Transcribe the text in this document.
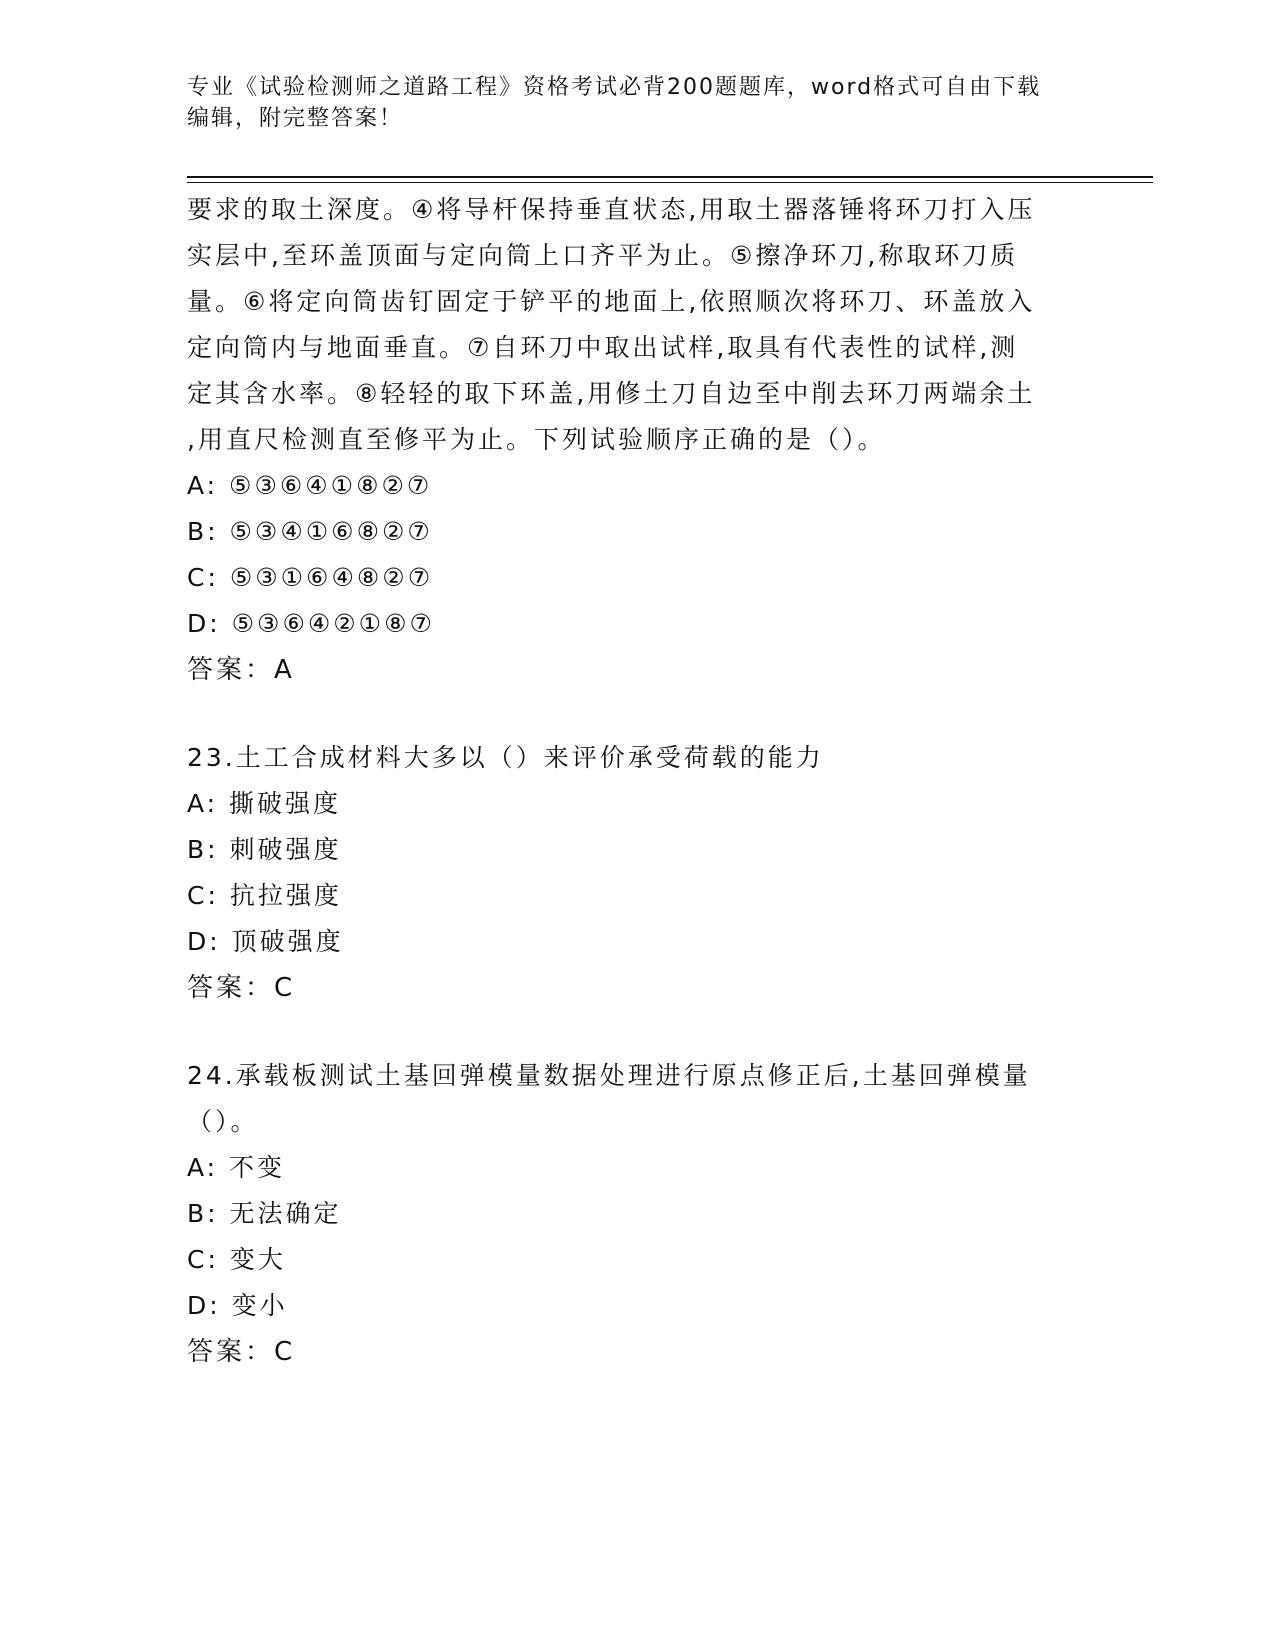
专业《试验检测师之道路工程》资格考试必背200题题库，word格式可自由下载
编辑，附完整答案！
要求的取土深度。④将导杆保持垂直状态,用取土器落锤将环刀打入压
实层中,至环盖顶面与定向筒上口齐平为止。⑤擦净环刀,称取环刀质
量。⑥将定向筒齿钉固定于铲平的地面上,依照顺次将环刀、环盖放入
定向筒内与地面垂直。⑦自环刀中取出试样,取具有代表性的试样,测
定其含水率。⑧轻轻的取下环盖,用修土刀自边至中削去环刀两端余土
,用直尺检测直至修平为止。下列试验顺序正确的是（）。
A: ⑤③⑥④①⑧②⑦
B: ⑤③④①⑥⑧②⑦
C: ⑤③①⑥④⑧②⑦
D: ⑤③⑥④②①⑧⑦
答案：A
23.土工合成材料大多以（）来评价承受荷载的能力
A: 撕破强度
B: 刺破强度
C: 抗拉强度
D: 顶破强度
答案：C
24.承载板测试土基回弹模量数据处理进行原点修正后,土基回弹模量
（）。
A: 不变
B: 无法确定
C: 变大
D: 变小
答案：C
